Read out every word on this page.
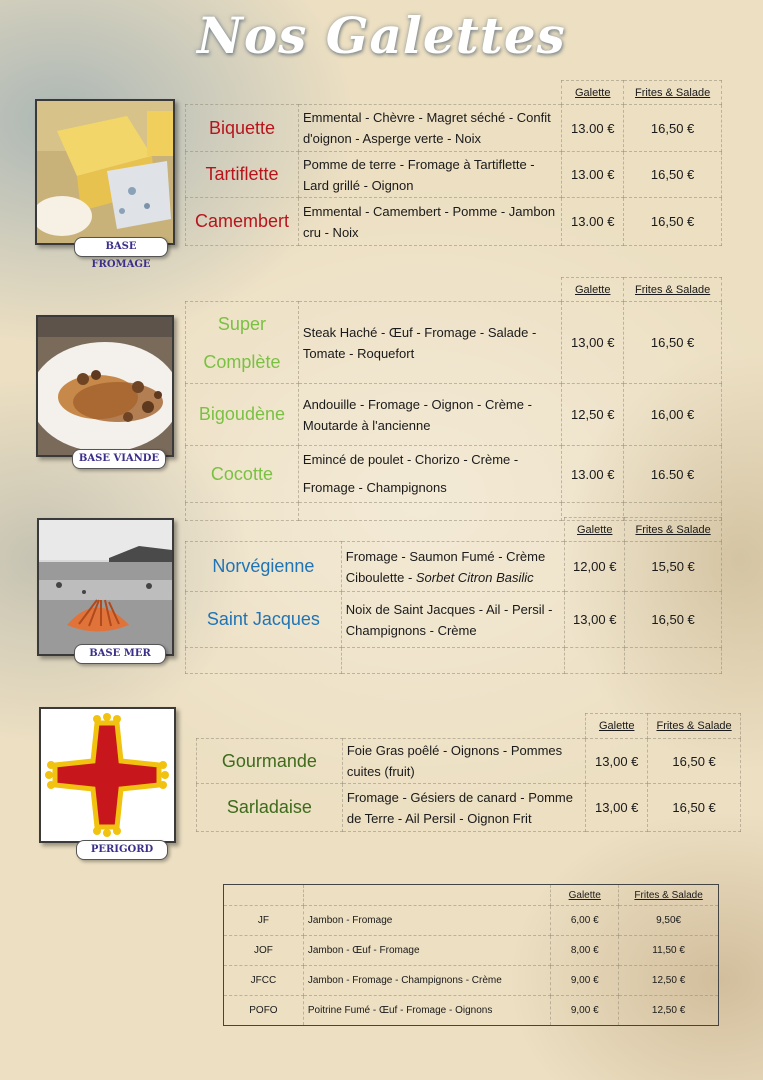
Nos Galettes
BASE FROMAGE
BASE VIANDE
BASE MER
PERIGORD
		Galette	Frites & Salade
Biquette	Emmental - Chèvre - Magret séché - Confit d'oignon - Asperge verte - Noix	13.00 €	16,50 €
Tartiflette	Pomme de terre - Fromage à Tartiflette - Lard grillé - Oignon	13.00 €	16,50 €
Camembert	Emmental - Camembert - Pomme - Jambon cru - Noix	13.00 €	16,50 €
		Galette	Frites & Salade
Super Complète	Steak Haché - Œuf - Fromage - Salade - Tomate - Roquefort	13,00 €	16,50 €
Bigoudène	Andouille - Fromage - Oignon - Crème - Moutarde à l'ancienne	12,50 €	16,00 €
Cocotte	Emincé de poulet - Chorizo - Crème - Fromage - Champignons	13.00 €	16.50 €

		Galette	Frites & Salade
Norvégienne	Fromage - Saumon Fumé - Crème Ciboulette - Sorbet Citron Basilic	12,00 €	15,50 €
Saint Jacques	Noix de Saint Jacques - Ail - Persil - Champignons - Crème	13,00 €	16,50 €

		Galette	Frites & Salade
Gourmande	Foie Gras poêlé - Oignons - Pommes cuites (fruit)	13,00 €	16,50 €
Sarladaise	Fromage - Gésiers de canard - Pomme de Terre - Ail Persil - Oignon Frit	13,00 €	16,50 €
		Galette	Frites & Salade
JF	Jambon - Fromage	6,00 €	9,50€
JOF	Jambon - Œuf - Fromage	8,00 €	11,50 €
JFCC	Jambon - Fromage - Champignons - Crème	9,00 €	12,50 €
POFO	Poitrine Fumé - Œuf - Fromage - Oignons	9,00 €	12,50 €
